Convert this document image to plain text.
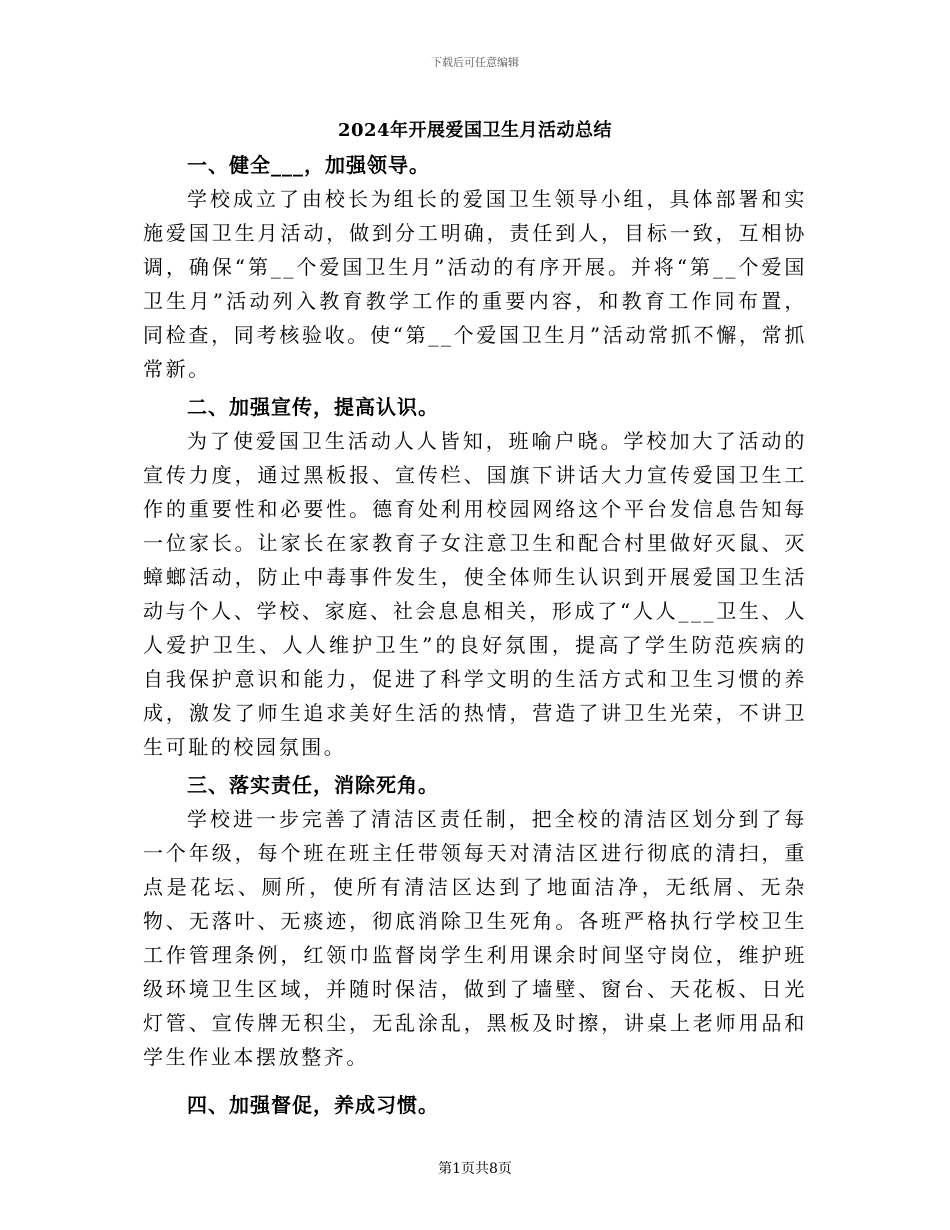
下载后可任意编辑
2024年开展爱国卫生月活动总结

一、健全___，加强领导。

学校成立了由校长为组长的爱国卫生领导小组，具体部署和实施爱国卫生月活动，做到分工明确，责任到人，目标一致，互相协调，确保“第__个爱国卫生月”活动的有序开展。并将“第__个爱国卫生月”活动列入教育教学工作的重要内容，和教育工作同布置，同检查，同考核验收。使“第__个爱国卫生月”活动常抓不懈，常抓常新。

二、加强宣传，提高认识。

为了使爱国卫生活动人人皆知，班喻户晓。学校加大了活动的宣传力度，通过黑板报、宣传栏、国旗下讲话大力宣传爱国卫生工作的重要性和必要性。德育处利用校园网络这个平台发信息告知每一位家长。让家长在家教育子女注意卫生和配合村里做好灭鼠、灭蟑螂活动，防止中毒事件发生，使全体师生认识到开展爱国卫生活动与个人、学校、家庭、社会息息相关，形成了“人人___卫生、人人爱护卫生、人人维护卫生”的良好氛围，提高了学生防范疾病的自我保护意识和能力，促进了科学文明的生活方式和卫生习惯的养成，激发了师生追求美好生活的热情，营造了讲卫生光荣，不讲卫生可耻的校园氛围。

三、落实责任，消除死角。

学校进一步完善了清洁区责任制，把全校的清洁区划分到了每一个年级，每个班在班主任带领每天对清洁区进行彻底的清扫，重点是花坛、厕所，使所有清洁区达到了地面洁净，无纸屑、无杂物、无落叶、无痰迹，彻底消除卫生死角。各班严格执行学校卫生工作管理条例，红领巾监督岗学生利用课余时间坚守岗位，维护班级环境卫生区域，并随时保洁，做到了墙壁、窗台、天花板、日光灯管、宣传牌无积尘，无乱涂乱，黑板及时擦，讲桌上老师用品和学生作业本摆放整齐。

四、加强督促，养成习惯。

第1页共8页
